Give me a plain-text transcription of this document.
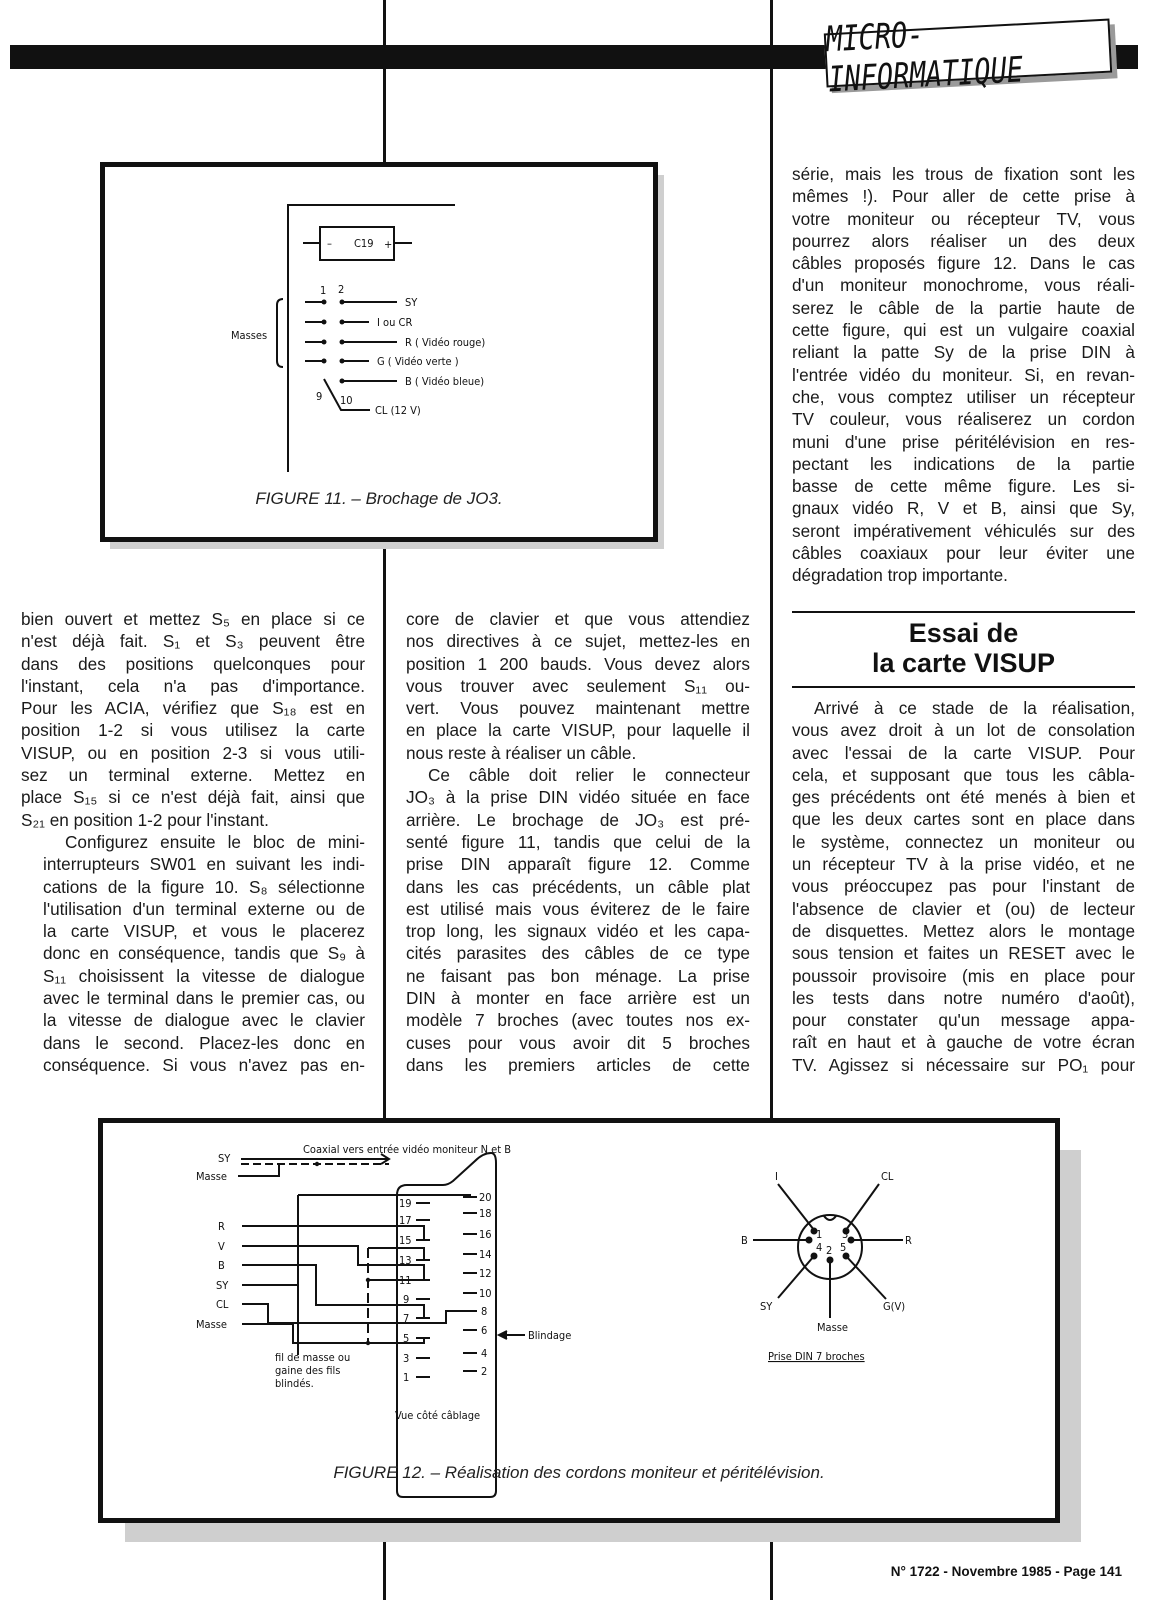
MICRO-INFORMATIQUE
– C19 +
1 2
9 10
Masses
SY
I ou CR
R ( Vidéo rouge)
G ( Vidéo verte )
B ( Vidéo bleue)
CL (12 V)
FIGURE 11. – Brochage de JO3.

série, mais les trous de fixation sont les
mêmes !). Pour aller de cette prise à
votre moniteur ou récepteur TV, vous
pourrez alors réaliser un des deux
câbles proposés figure 12. Dans le cas
d'un moniteur monochrome, vous réali-
serez le câble de la partie haute de
cette figure, qui est un vulgaire coaxial
reliant la patte Sy de la prise DIN à
l'entrée vidéo du moniteur. Si, en revan-
che, vous comptez utiliser un récepteur
TV couleur, vous réaliserez un cordon
muni d'une prise péritélévision en res-
pectant les indications de la partie
basse de cette même figure. Les si-
gnaux vidéo R, V et B, ainsi que Sy,
seront impérativement véhiculés sur des
câbles coaxiaux pour leur éviter une
dégradation trop importante.

bien ouvert et mettez S₅ en place si ce
n'est déjà fait. S₁ et S₃ peuvent être
dans des positions quelconques pour
l'instant, cela n'a pas d'importance.
Pour les ACIA, vérifiez que S₁₈ est en
position 1-2 si vous utilisez la carte
VISUP, ou en position 2-3 si vous utili-
sez un terminal externe. Mettez en
place S₁₅ si ce n'est déjà fait, ainsi que
S₂₁ en position 1-2 pour l'instant.

Configurez ensuite le bloc de mini-
interrupteurs SW01 en suivant les indi-
cations de la figure 10. S₈ sélectionne
l'utilisation d'un terminal externe ou de
la carte VISUP, et vous le placerez
donc en conséquence, tandis que S₉ à
S₁₁ choisissent la vitesse de dialogue
avec le terminal dans le premier cas, ou
la vitesse de dialogue avec le clavier
dans le second. Placez-les donc en
conséquence. Si vous n'avez pas en-

core de clavier et que vous attendiez
nos directives à ce sujet, mettez-les en
position 1 200 bauds. Vous devez alors
vous trouver avec seulement S₁₁ ou-
vert. Vous pouvez maintenant mettre
en place la carte VISUP, pour laquelle il
nous reste à réaliser un câble.

Ce câble doit relier le connecteur
JO₃ à la prise DIN vidéo située en face
arrière. Le brochage de JO₃ est pré-
senté figure 11, tandis que celui de la
prise DIN apparaît figure 12. Comme
dans les cas précédents, un câble plat
est utilisé mais vous éviterez de le faire
trop long, les signaux vidéo et les capa-
cités parasites des câbles de ce type
ne faisant pas bon ménage. La prise
DIN à monter en face arrière est un
modèle 7 broches (avec toutes nos ex-
cuses pour vous avoir dit 5 broches
dans les premiers articles de cette

Essai de
la carte VISUP

Arrivé à ce stade de la réalisation,
vous avez droit à un lot de consolation
avec l'essai de la carte VISUP. Pour
cela, et supposant que tous les câbla-
ges précédents ont été menés à bien et
que les deux cartes sont en place dans
le système, connectez un moniteur ou
un récepteur TV à la prise vidéo, et ne
vous préoccupez pas pour l'instant de
l'absence de clavier et (ou) de lecteur
de disquettes. Mettez alors le montage
sous tension et faites un RESET avec le
poussoir provisoire (mis en place pour
les tests dans notre numéro d'août),
pour constater qu'un message appa-
raît en haut et à gauche de votre écran
TV. Agissez si nécessaire sur PO₁ pour

Coaxial vers entrée vidéo moniteur N et B
SY
Masse
R
V
B
SY
CL
Masse
fil de masse ou
gaine des fils
blindés.
19
17
15
13
11
9
7
5
3
1
20
18
16
14
12
10
8
6
4
2
Blindage
Vue côté câblage
I	CL
B	R
SY	G(V)
Masse
1
2
3
4 5
Prise DIN 7 broches
FIGURE 12. – Réalisation des cordons moniteur et péritélévision.
N° 1722 - Novembre 1985 - Page 141
